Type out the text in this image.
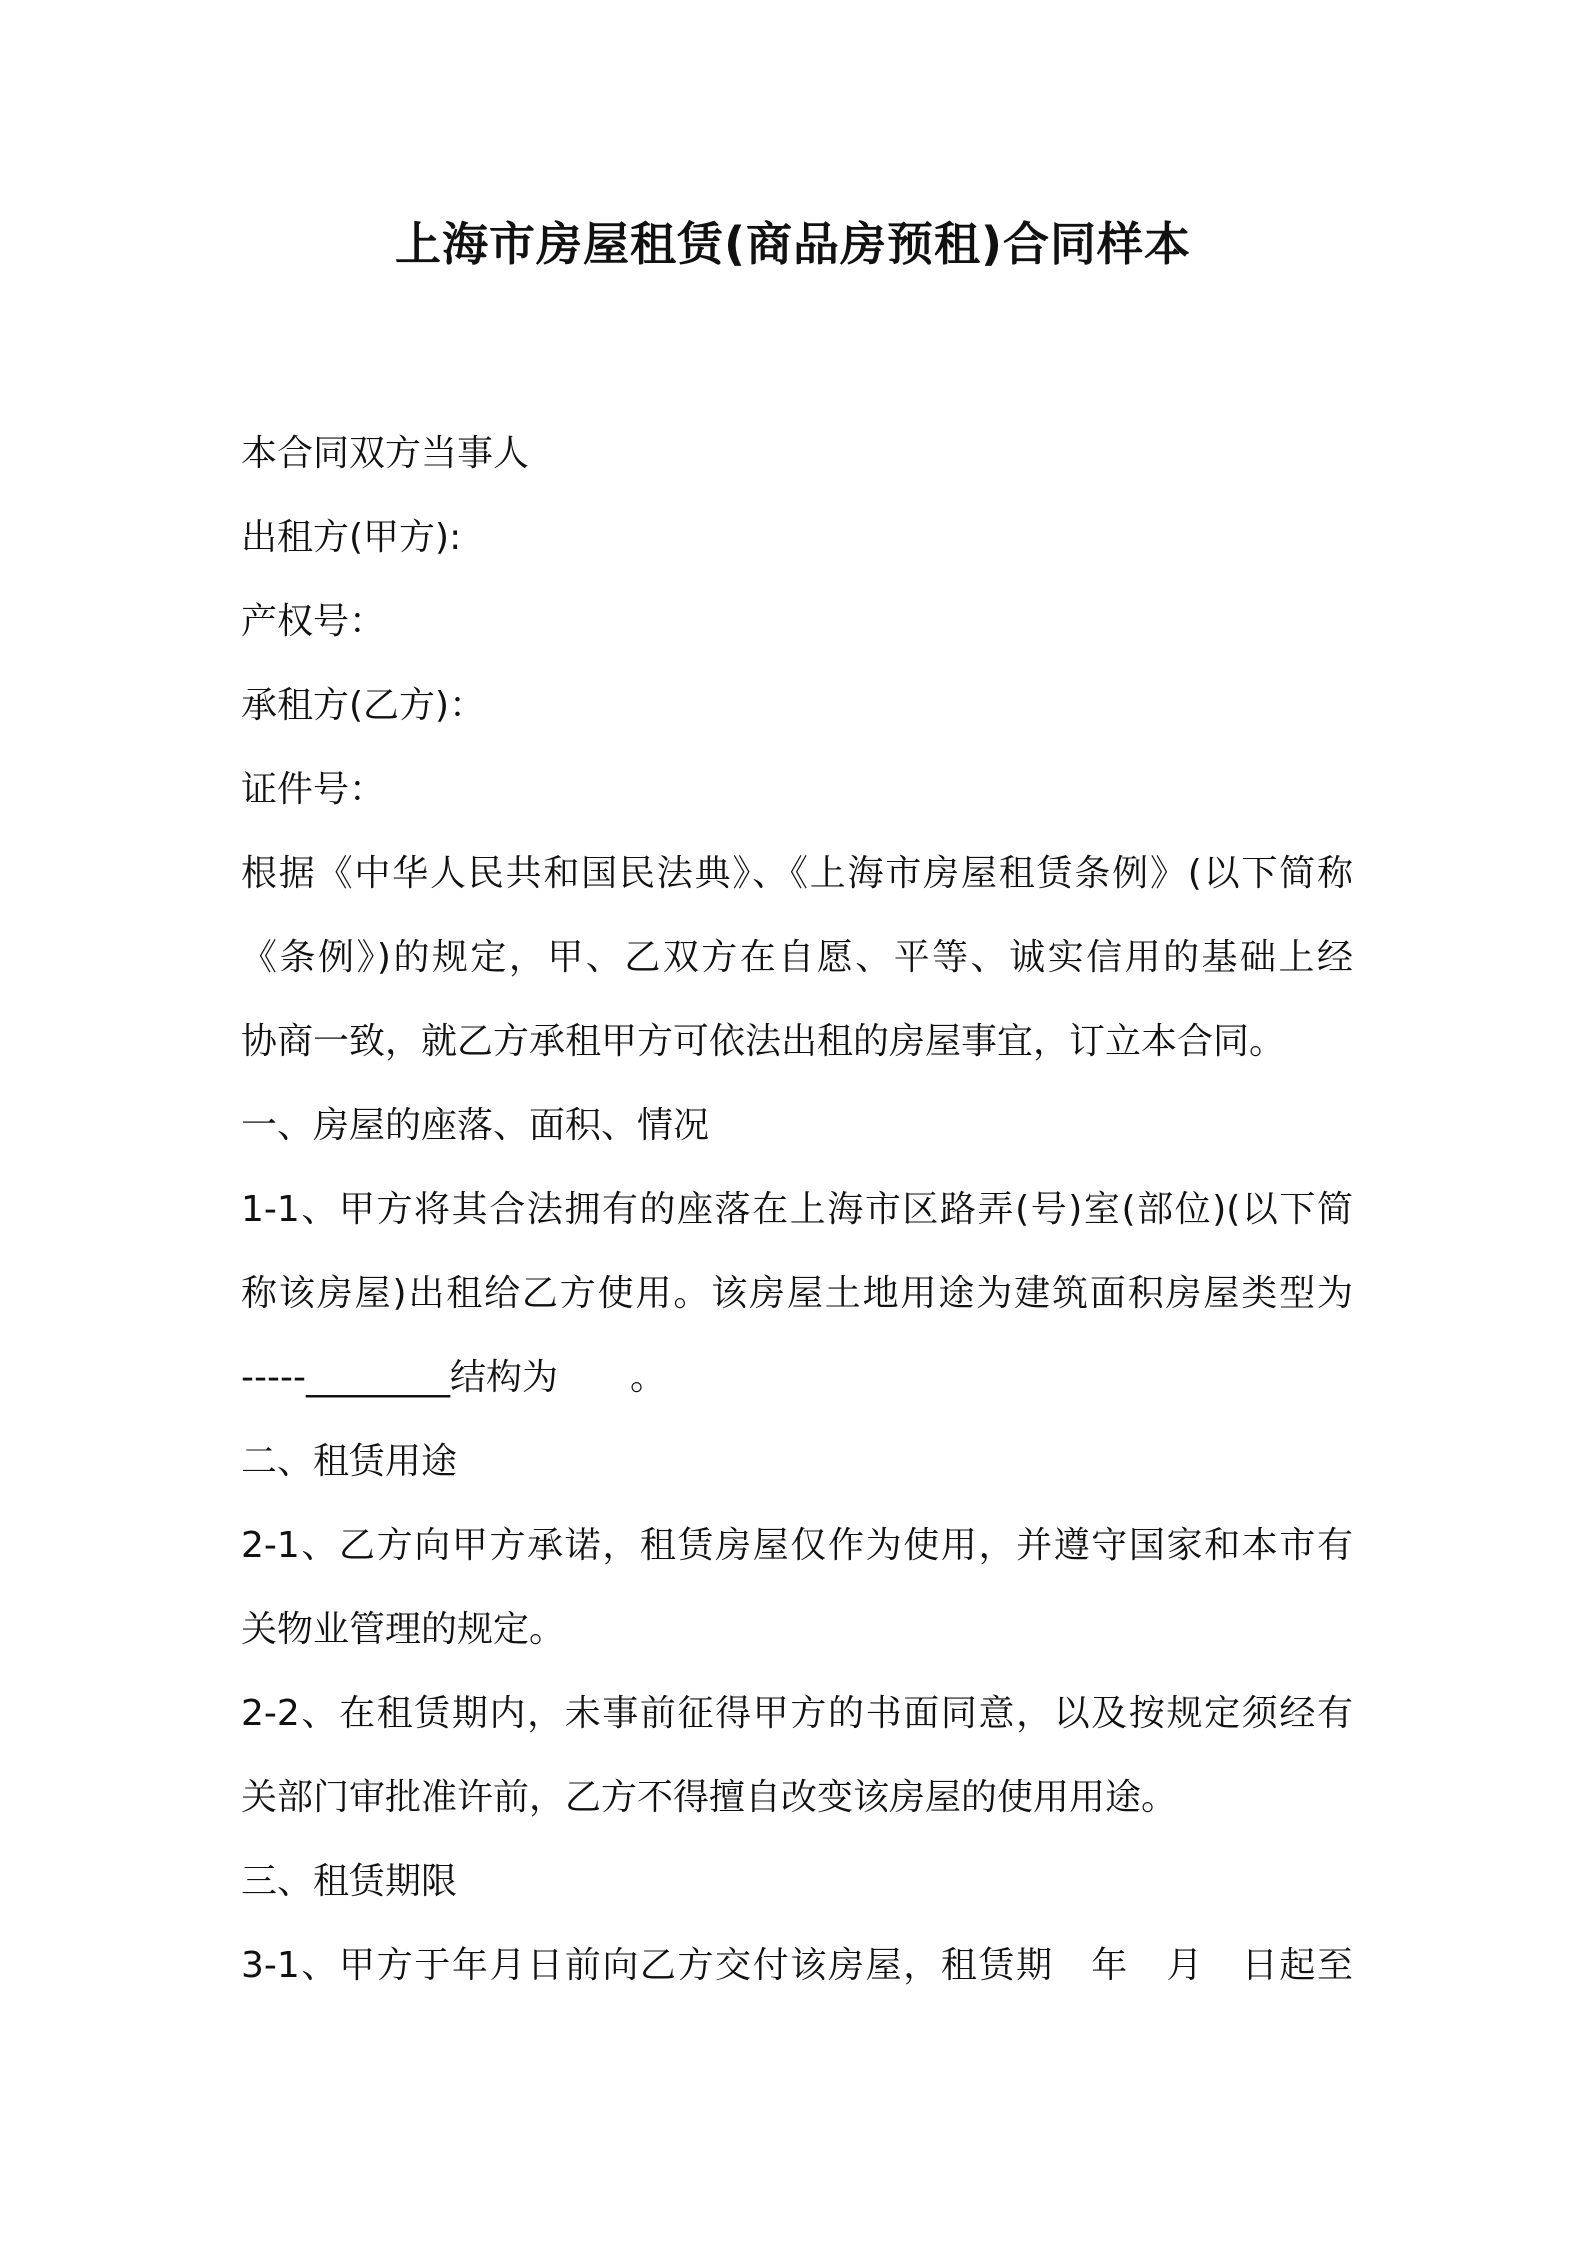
上海市房屋租赁(商品房预租)合同样本
本合同双方当事人
出租方(甲方):
产权号：
承租方(乙方)：
证件号：
根据《中华人民共和国民法典》、《上海市房屋租赁条例》(以下简称
《条例》)的规定，甲、乙双方在自愿、平等、诚实信用的基础上经
协商一致，就乙方承租甲方可依法出租的房屋事宜，订立本合同。
一、房屋的座落、面积、情况
1-1、甲方将其合法拥有的座落在上海市区路弄(号)室(部位)(以下简
称该房屋)出租给乙方使用。该房屋土地用途为建筑面积房屋类型为
-----________结构为　　。
二、租赁用途
2-1、乙方向甲方承诺，租赁房屋仅作为使用，并遵守国家和本市有
关物业管理的规定。
2-2、在租赁期内，未事前征得甲方的书面同意，以及按规定须经有
关部门审批准许前，乙方不得擅自改变该房屋的使用用途。
三、租赁期限
3-1、甲方于年月日前向乙方交付该房屋，租赁期　年　月　日起至
